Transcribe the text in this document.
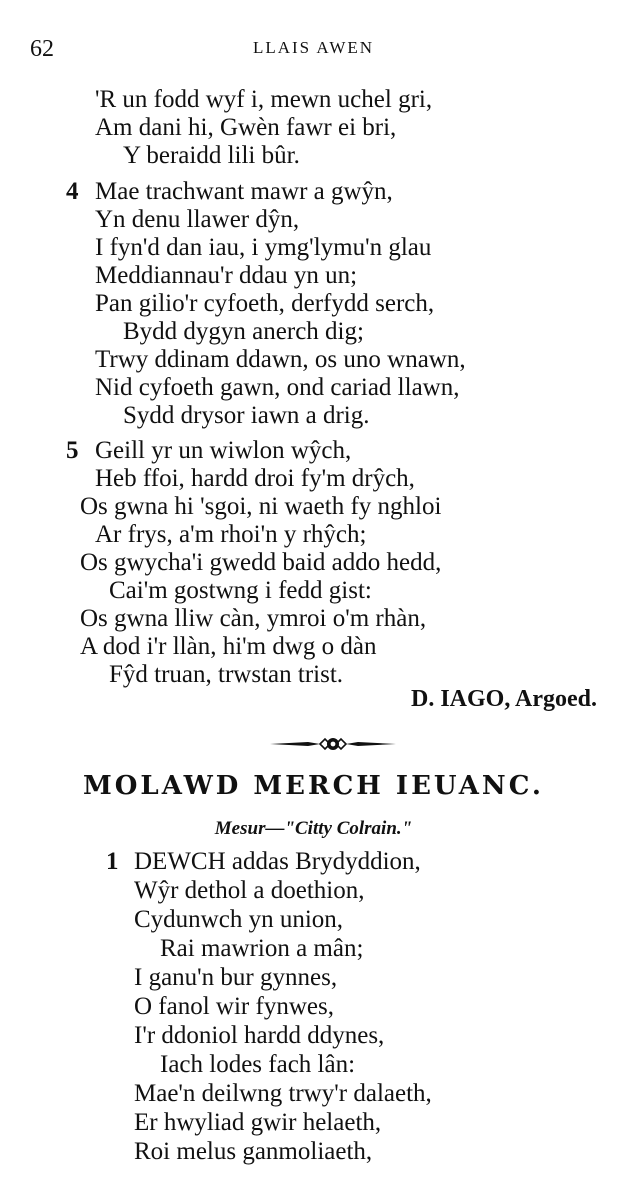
62	LLAIS AWEN
'R un fodd wyf i, mewn uchel gri,
Am dani hi, Gwèn fawr ei bri,
Y beraidd lili bûr.
4 Mae trachwant mawr a gwŷn,
Yn denu llawer dŷn,
I fyn'd dan iau, i ymg'lymu'n glau
Meddiannau'r ddau yn un;
Pan gilio'r cyfoeth, derfydd serch,
Bydd dygyn anerch dig;
Trwy ddinam ddawn, os uno wnawn,
Nid cyfoeth gawn, ond cariad llawn,
Sydd drysor iawn a drig.
5 Geill yr un wiwlon wŷch,
Heb ffoi, hardd droi fy'm drŷch,
Os gwna hi 'sgoi, ni waeth fy nghloi
Ar frys, a'm rhoi'n y rhŷch;
Os gwycha'i gwedd baid addo hedd,
Cai'm gostwng i fedd gist:
Os gwna lliw càn, ymroi o'm rhàn,
A dod i'r llàn, hi'm dwg o dàn
Fŷd truan, trwstan trist.
D. IAGO, Argoed.
MOLAWD MERCH IEUANC.
Mesur—"Citty Colrain."
1 DEWCH addas Brydyddion,
Wŷr dethol a doethion,
Cydunwch yn union,
Rai mawrion a mân;
I ganu'n bur gynnes,
O fanol wir fynwes,
I'r ddoniol hardd ddynes,
Iach lodes fach lân:
Mae'n deilwng trwy'r dalaeth,
Er hwyliad gwir helaeth,
Roi melus ganmoliaeth,
